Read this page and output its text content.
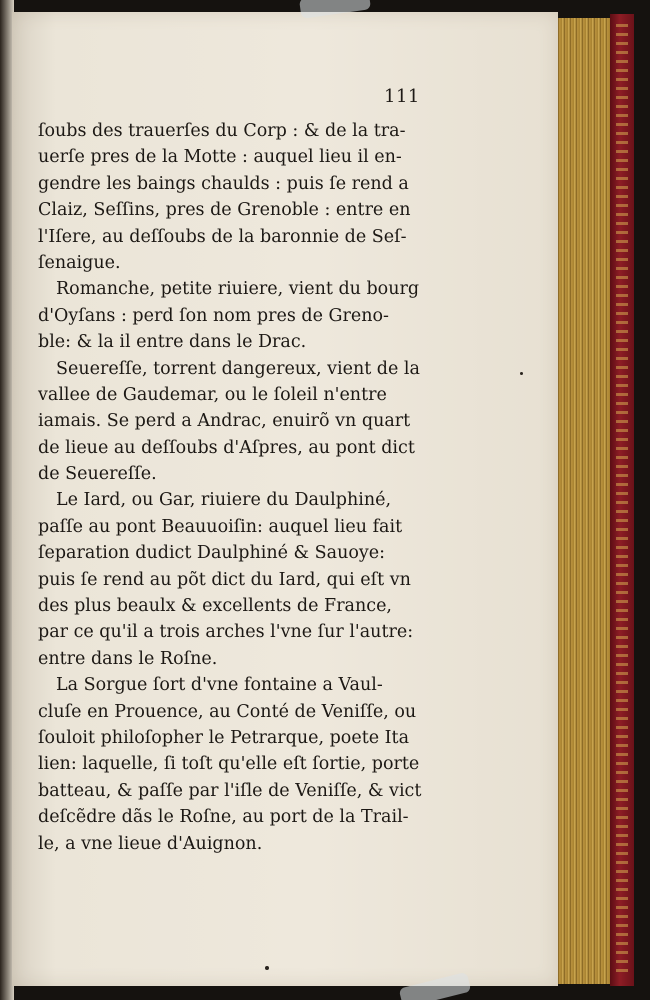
111
ſoubs des trauerſes du Corp : & de la tra-
uerſe pres de la Motte : auquel lieu il en-
gendre les baings chaulds : puis ſe rend a
Claiz, Seſſins, pres de Grenoble : entre en
l'Iſere, au deſſoubs de la baronnie de Seſ-
ſenaigue.
Romanche, petite riuiere, vient du bourg
d'Oyſans : perd ſon nom pres de Greno-
ble: & la il entre dans le Drac.
Seuereſſe, torrent dangereux, vient de la
vallee de Gaudemar, ou le ſoleil n'entre
iamais. Se perd a Andrac, enuirõ vn quart
de lieue au deſſoubs d'Aſpres, au pont dict
de Seuereſſe.
Le Iard, ou Gar, riuiere du Daulphiné,
paſſe au pont Beauuoiſin: auquel lieu fait
ſeparation dudict Daulphiné & Sauoye:
puis ſe rend au põt dict du Iard, qui eſt vn
des plus beaulx & excellents de France,
par ce qu'il a trois arches l'vne ſur l'autre:
entre dans le Roſne.
La Sorgue ſort d'vne fontaine a Vaul-
cluſe en Prouence, au Conté de Veniſſe, ou
ſouloit philoſopher le Petrarque, poete Ita
lien: laquelle, ſi toſt qu'elle eſt ſortie, porte
batteau, & paſſe par l'iſle de Veniſſe, & vict
deſcẽdre dãs le Roſne, au port de la Trail-
le, a vne lieue d'Auignon.
